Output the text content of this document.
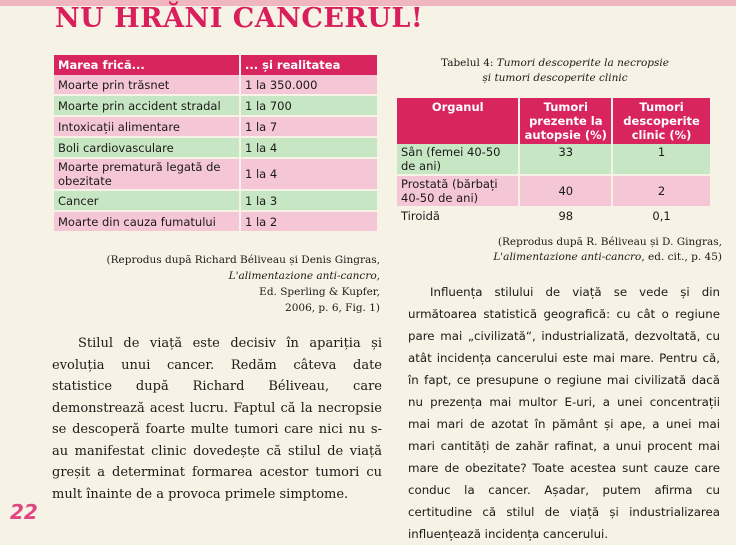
NU HRĂNI CANCERUL!
Marea frică...	... și realitatea
Moarte prin trăsnet	1 la 350.000
Moarte prin accident stradal	1 la 700
Intoxicații alimentare	1 la 7
Boli cardiovasculare	1 la 4
Moarte prematură legată de obezitate	1 la 4
Cancer	1 la 3
Moarte din cauza fumatului	1 la 2
(Reprodus după Richard Béliveau și Denis Gingras,
L'alimentazione anti-cancro,
Ed. Sperling & Kupfer,
2006, p. 6, Fig. 1)

Stilul de viață este decisiv în apariția și evoluția unui cancer. Redăm câteva date statistice după Richard Béliveau, care demonstrează acest lucru. Faptul că la necropsie se descoperă foarte multe tumori care nici nu s-au manifestat clinic dovedește că stilul de viață greșit a determinat formarea acestor tumori cu mult înainte de a provoca primele simptome.

22
Tabelul 4: Tumori descoperite la necropsie
și tumori descoperite clinic
Organul	Tumori prezente la autopsie (%)	Tumori descoperite clinic (%)
Sân (femei 40-50 de ani)	33	1
Prostată (bărbați 40-50 de ani)	40	2
Tiroidă	98	0,1
(Reprodus după R. Béliveau și D. Gingras,
L'alimentazione anti-cancro, ed. cit., p. 45)

Influența stilului de viață se vede și din următoarea statistică geografică: cu cât o regiune pare mai „civilizată“, industrializată, dezvoltată, cu atât incidența cancerului este mai mare. Pentru că, în fapt, ce presupune o regiune mai civilizată dacă nu prezența mai multor E-uri, a unei concentrații mai mari de azotat în pământ și ape, a unei mai mari cantități de zahăr rafinat, a unui procent mai mare de obezitate? Toate acestea sunt cauze care conduc la cancer. Așadar, putem afirma cu certitudine că stilul de viață și industrializarea influențează incidența cancerului.
